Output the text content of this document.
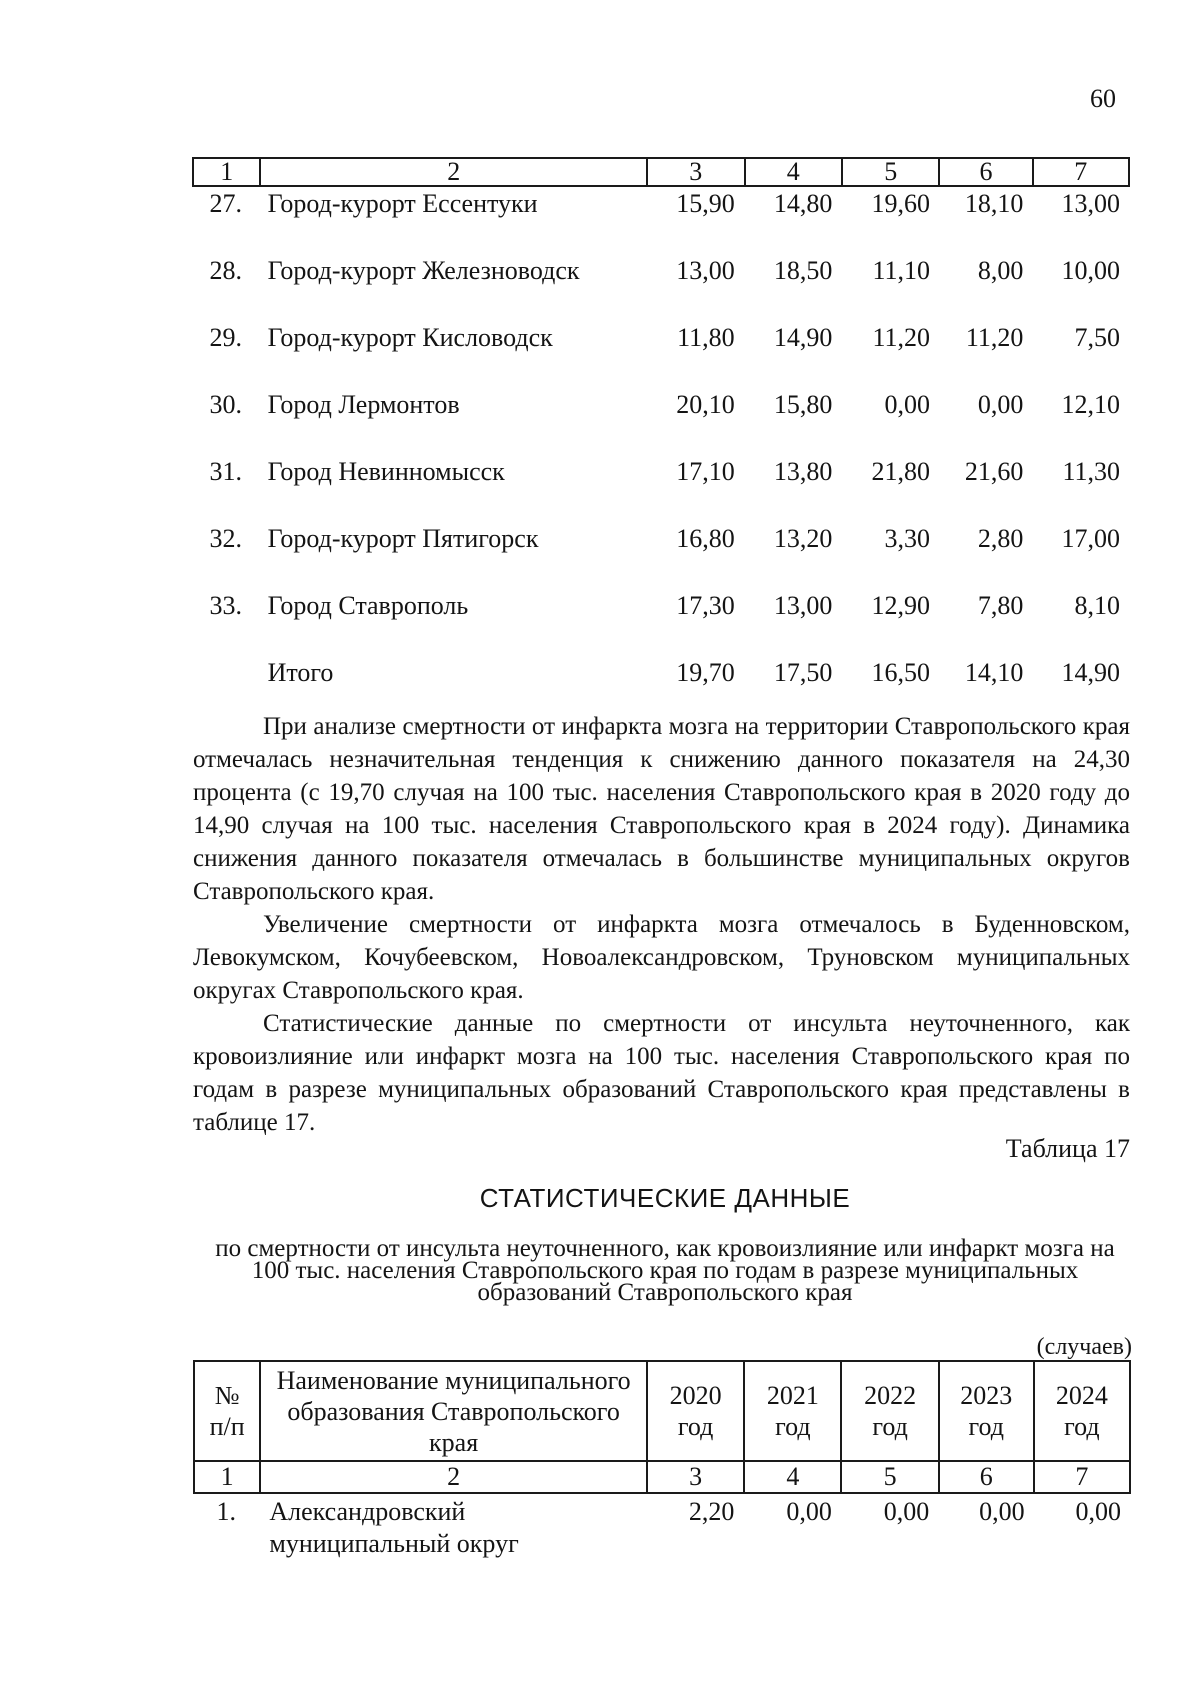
60
1	2	3	4	5	6	7
27.	Город-курорт Ессентуки	15,90	14,80	19,60	18,10	13,00
28.	Город-курорт Железноводск	13,00	18,50	11,10	8,00	10,00
29.	Город-курорт Кисловодск	11,80	14,90	11,20	11,20	7,50
30.	Город Лермонтов	20,10	15,80	0,00	0,00	12,10
31.	Город Невинномысск	17,10	13,80	21,80	21,60	11,30
32.	Город-курорт Пятигорск	16,80	13,20	3,30	2,80	17,00
33.	Город Ставрополь	17,30	13,00	12,90	7,80	8,10
	Итого	19,70	17,50	16,50	14,10	14,90

При анализе смертности от инфаркта мозга на территории Ставропольского края отмечалась незначительная тенденция к снижению данного показателя на 24,30 процента (с 19,70 случая на 100 тыс. населения Ставропольского края в 2020 году до 14,90 случая на 100 тыс. населения Ставропольского края в 2024 году). Динамика снижения данного показателя отмечалась в большинстве муниципальных округов Ставропольского края.

Увеличение смертности от инфаркта мозга отмечалось в Буденновском, Левокумском, Кочубеевском, Новоалександровском, Труновском муниципальных округах Ставропольского края.

Статистические данные по смертности от инсульта неуточненного, как кровоизлияние или инфаркт мозга на 100 тыс. населения Ставропольского края по годам в разрезе муниципальных образований Ставропольского края представлены в таблице 17.

Таблица 17
СТАТИСТИЧЕСКИЕ ДАННЫЕ
по смертности от инсульта неуточненного, как кровоизлияние или инфаркт мозга на 100 тыс. населения Ставропольского края по годам в разрезе муниципальных образований Ставропольского края
(случаев)
№ п/п	Наименование муниципального образования Ставропольского края	2020 год	2021 год	2022 год	2023 год	2024 год
1	2	3	4	5	6	7
1.	Александровский муниципальный округ	2,20	0,00	0,00	0,00	0,00
